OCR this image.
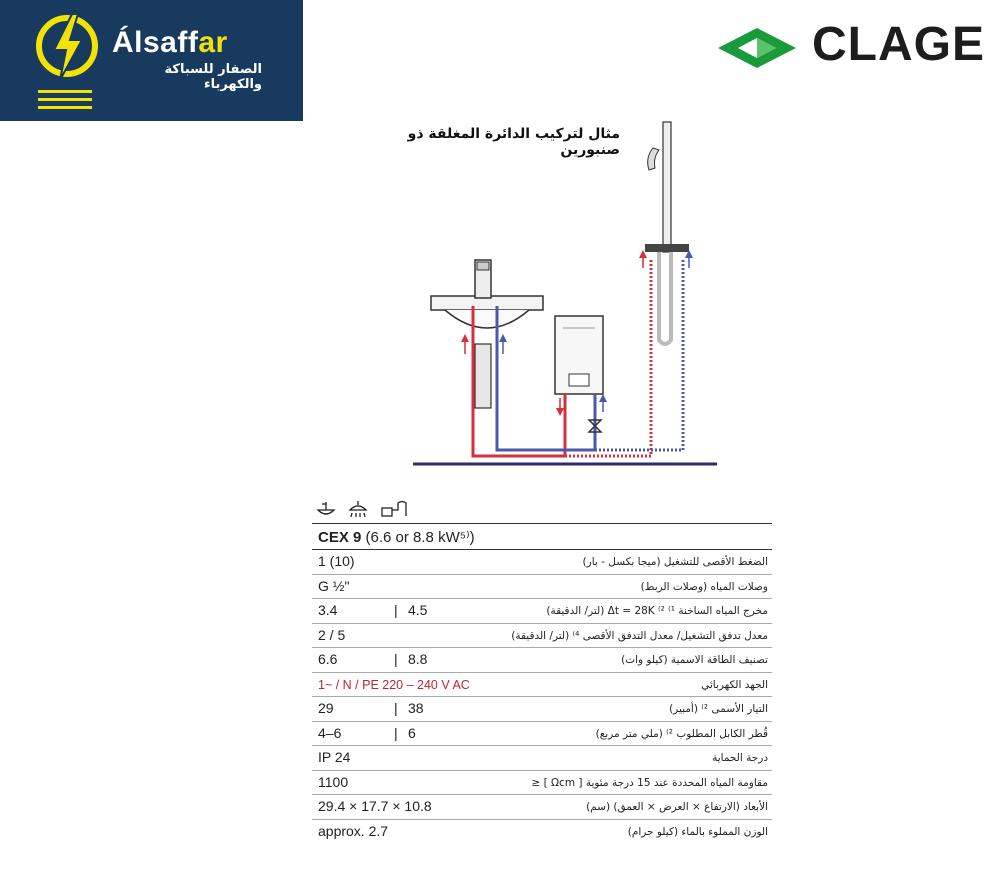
Álsaffar
الصفار للسباكة والكهرباء
CLAGE
مثال لتركيب الدائرة المغلقة ذو صنبورين
CEX 9 (6.6 or 8.8 kW⁵⁾)
1 (10)	الضغط الأقصى للتشغيل (ميجا بكسل - بار)
G ½"	وصلات المياه (وصلات الربط)
3.4	| 4.5	مخرج المياه الساخنة ¹⁾ ²⁾ Δt = 28K (لتر/ الدقيقة)
2 / 5	معدل تدفق التشغيل/ معدل التدفق الأقصى ⁴⁾ (لتر/ الدقيقة)
6.6	| 8.8	تصنيف الطاقة الاسمية (كيلو وات)
1~ / N / PE 220 – 240 V AC	الجهد الكهربائي
29	| 38	التيار الأسمى ²⁾ (أمبير)
4–6	| 6	قُطر الكابل المطلوب ²⁾ (ملي متر مربع)
IP 24	درجة الحماية
1100	مقاومة المياه المحددة عند 15 درجة مئوية [ Ωcm ] ≤
29.4 × 17.7 × 10.8	الأبعاد (الارتفاع × العرض × العمق) (سم)
approx. 2.7	الوزن المملوء بالماء (كيلو جرام)
